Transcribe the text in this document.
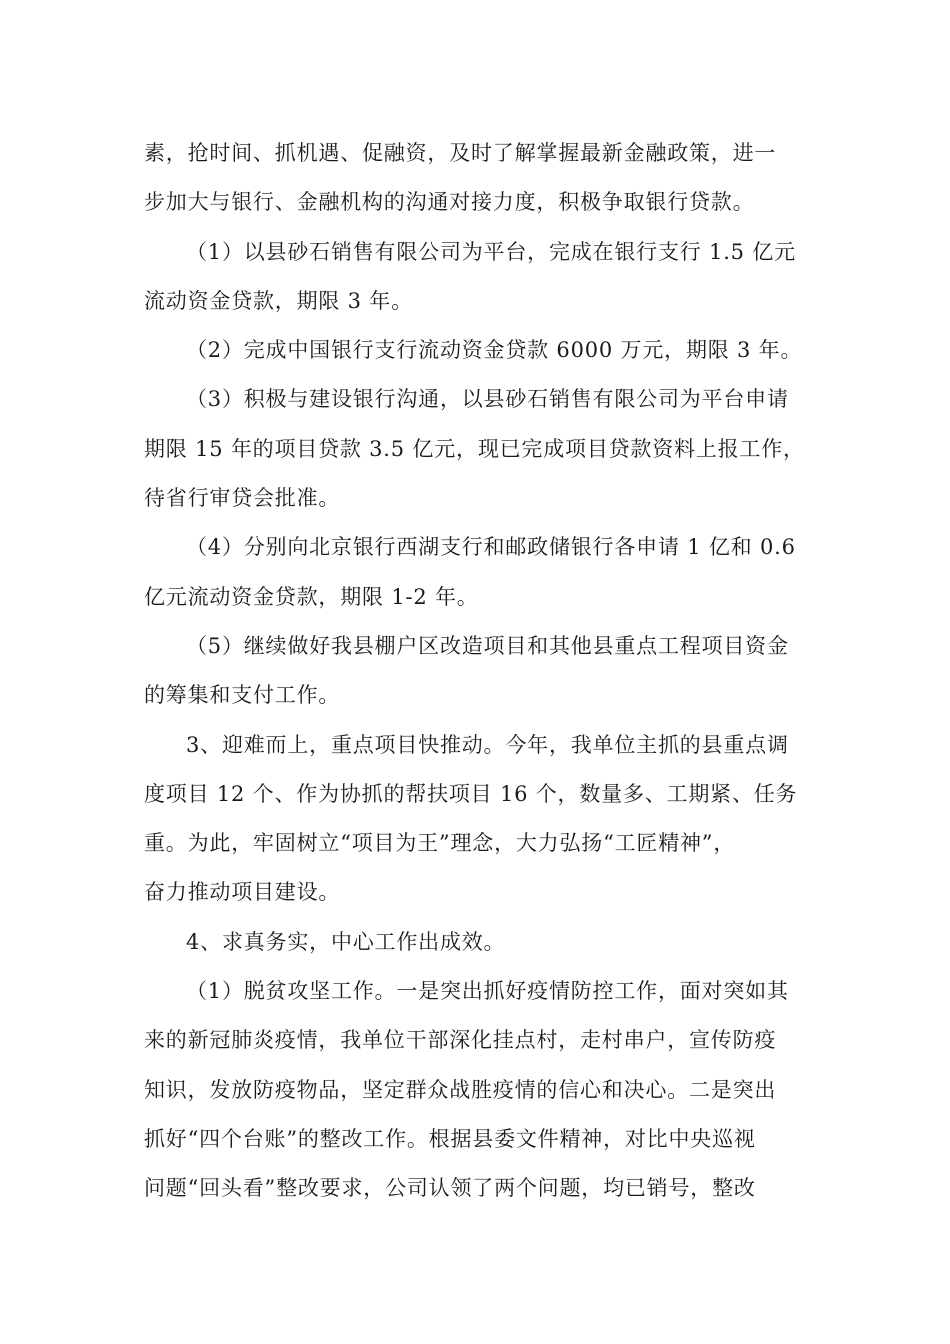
素，抢时间、抓机遇、促融资，及时了解掌握最新金融政策，进一
步加大与银行、金融机构的沟通对接力度，积极争取银行贷款。
（1）以县砂石销售有限公司为平台，完成在银行支行 1.5 亿元
流动资金贷款，期限 3 年。
（2）完成中国银行支行流动资金贷款 6000 万元，期限 3 年。
（3）积极与建设银行沟通，以县砂石销售有限公司为平台申请
期限 15 年的项目贷款 3.5 亿元，现已完成项目贷款资料上报工作，
待省行审贷会批准。
（4）分别向北京银行西湖支行和邮政储银行各申请 1 亿和 0.6
亿元流动资金贷款，期限 1-2 年。
（5）继续做好我县棚户区改造项目和其他县重点工程项目资金
的筹集和支付工作。
3、迎难而上，重点项目快推动。今年，我单位主抓的县重点调
度项目 12 个、作为协抓的帮扶项目 16 个，数量多、工期紧、任务
重。为此，牢固树立“项目为王”理念，大力弘扬“工匠精神”，
奋力推动项目建设。
4、求真务实，中心工作出成效。
（1）脱贫攻坚工作。一是突出抓好疫情防控工作，面对突如其
来的新冠肺炎疫情，我单位干部深化挂点村，走村串户，宣传防疫
知识，发放防疫物品，坚定群众战胜疫情的信心和决心。二是突出
抓好“四个台账”的整改工作。根据县委文件精神，对比中央巡视
问题“回头看”整改要求，公司认领了两个问题，均已销号，整改
